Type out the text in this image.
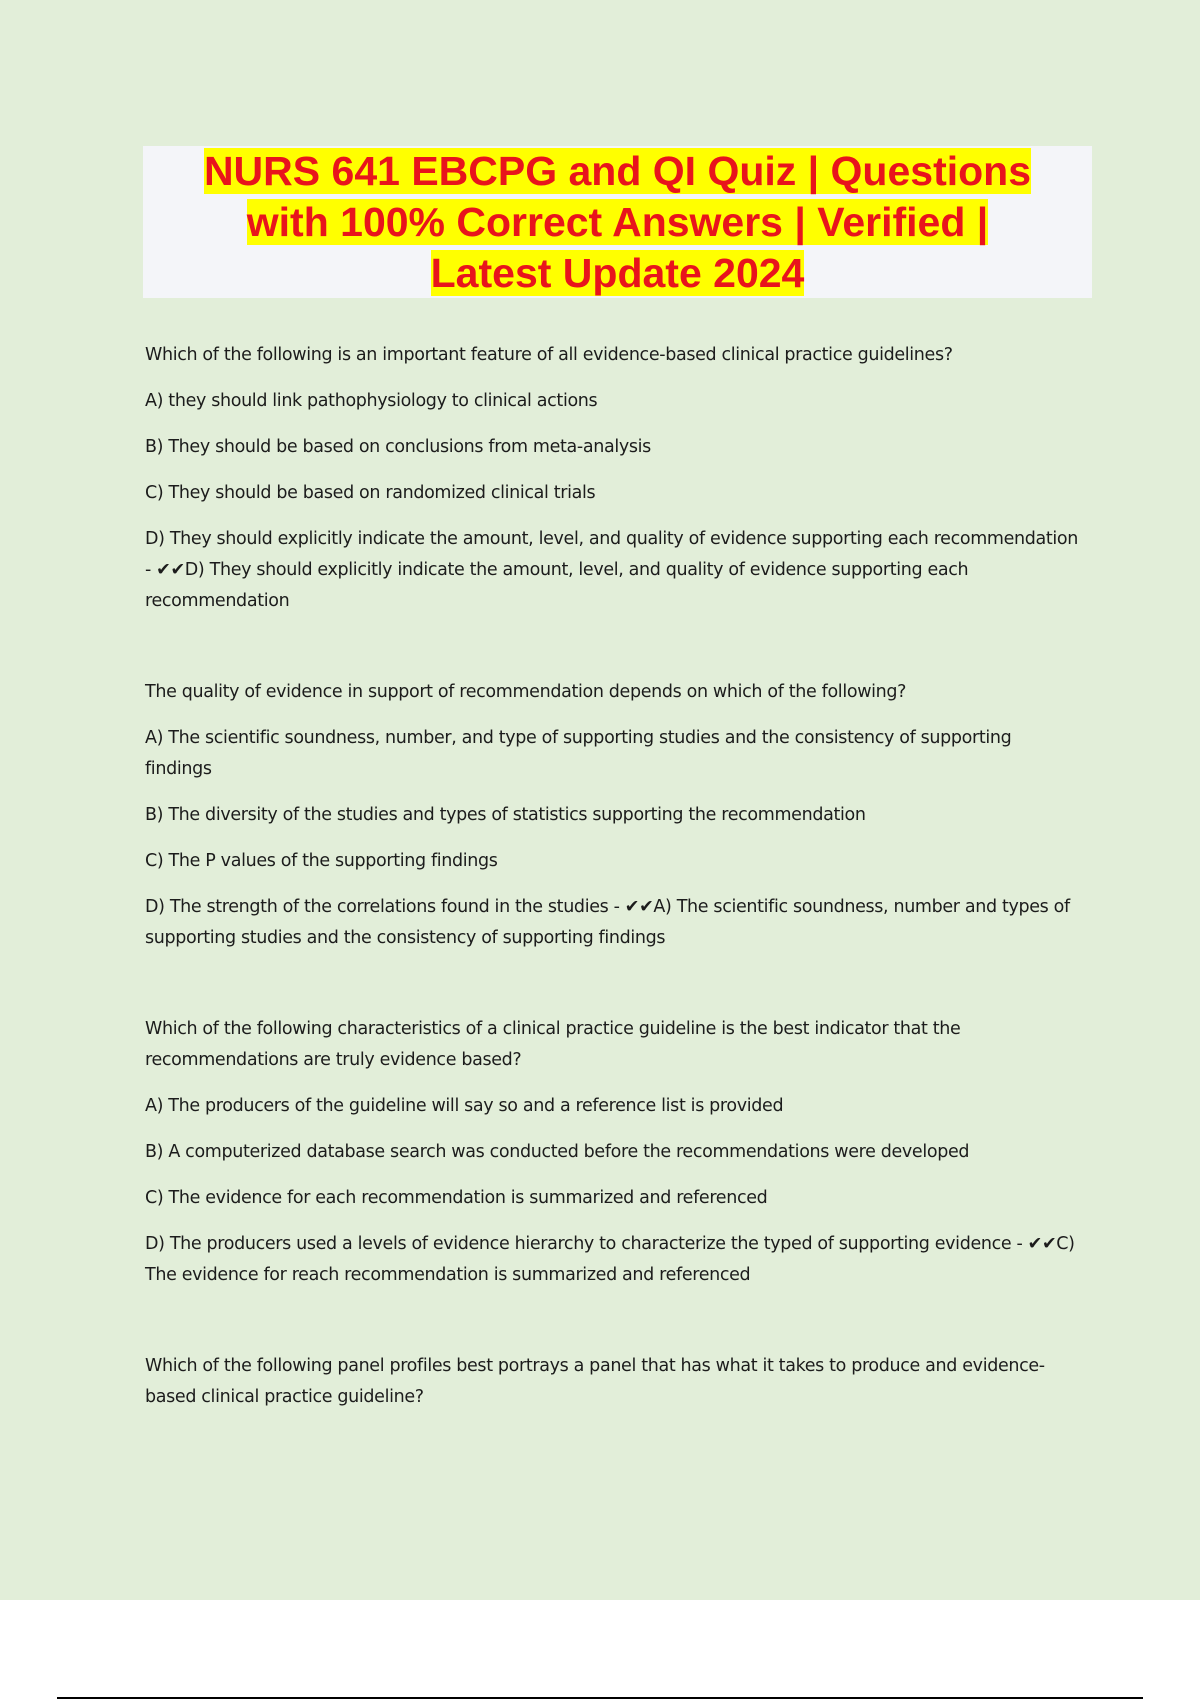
NURS 641 EBCPG and QI Quiz | Questions
with 100% Correct Answers | Verified |
Latest Update 2024

Which of the following is an important feature of all evidence-based clinical practice guidelines?

A) they should link pathophysiology to clinical actions

B) They should be based on conclusions from meta-analysis

C) They should be based on randomized clinical trials

D) They should explicitly indicate the amount, level, and quality of evidence supporting each recommendation - ✔✔D) They should explicitly indicate the amount, level, and quality of evidence supporting each recommendation

The quality of evidence in support of recommendation depends on which of the following?

A) The scientific soundness, number, and type of supporting studies and the consistency of supporting findings

B) The diversity of the studies and types of statistics supporting the recommendation

C) The P values of the supporting findings

D) The strength of the correlations found in the studies - ✔✔A) The scientific soundness, number and types of supporting studies and the consistency of supporting findings

Which of the following characteristics of a clinical practice guideline is the best indicator that the recommendations are truly evidence based?

A) The producers of the guideline will say so and a reference list is provided

B) A computerized database search was conducted before the recommendations were developed

C) The evidence for each recommendation is summarized and referenced

D) The producers used a levels of evidence hierarchy to characterize the typed of supporting evidence - ✔✔C) The evidence for reach recommendation is summarized and referenced

Which of the following panel profiles best portrays a panel that has what it takes to produce and evidence-based clinical practice guideline?
